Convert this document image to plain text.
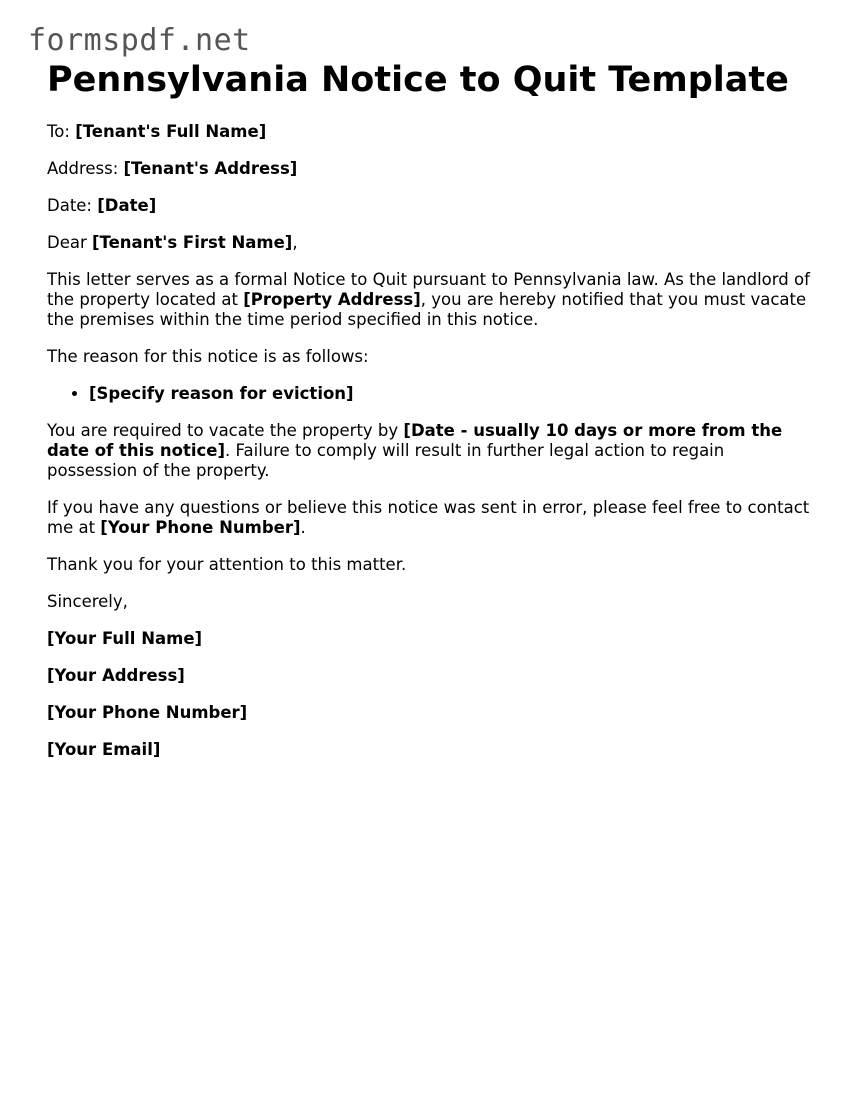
formspdf.net
Pennsylvania Notice to Quit Template

To: [Tenant's Full Name]

Address: [Tenant's Address]

Date: [Date]

Dear [Tenant's First Name],

This letter serves as a formal Notice to Quit pursuant to Pennsylvania law. As the landlord of the property located at [Property Address], you are hereby notified that you must vacate the premises within the time period specified in this notice.

The reason for this notice is as follows:

• [Specify reason for eviction]

You are required to vacate the property by [Date - usually 10 days or more from the date of this notice]. Failure to comply will result in further legal action to regain possession of the property.

If you have any questions or believe this notice was sent in error, please feel free to contact me at [Your Phone Number].

Thank you for your attention to this matter.

Sincerely,

[Your Full Name]

[Your Address]

[Your Phone Number]

[Your Email]
